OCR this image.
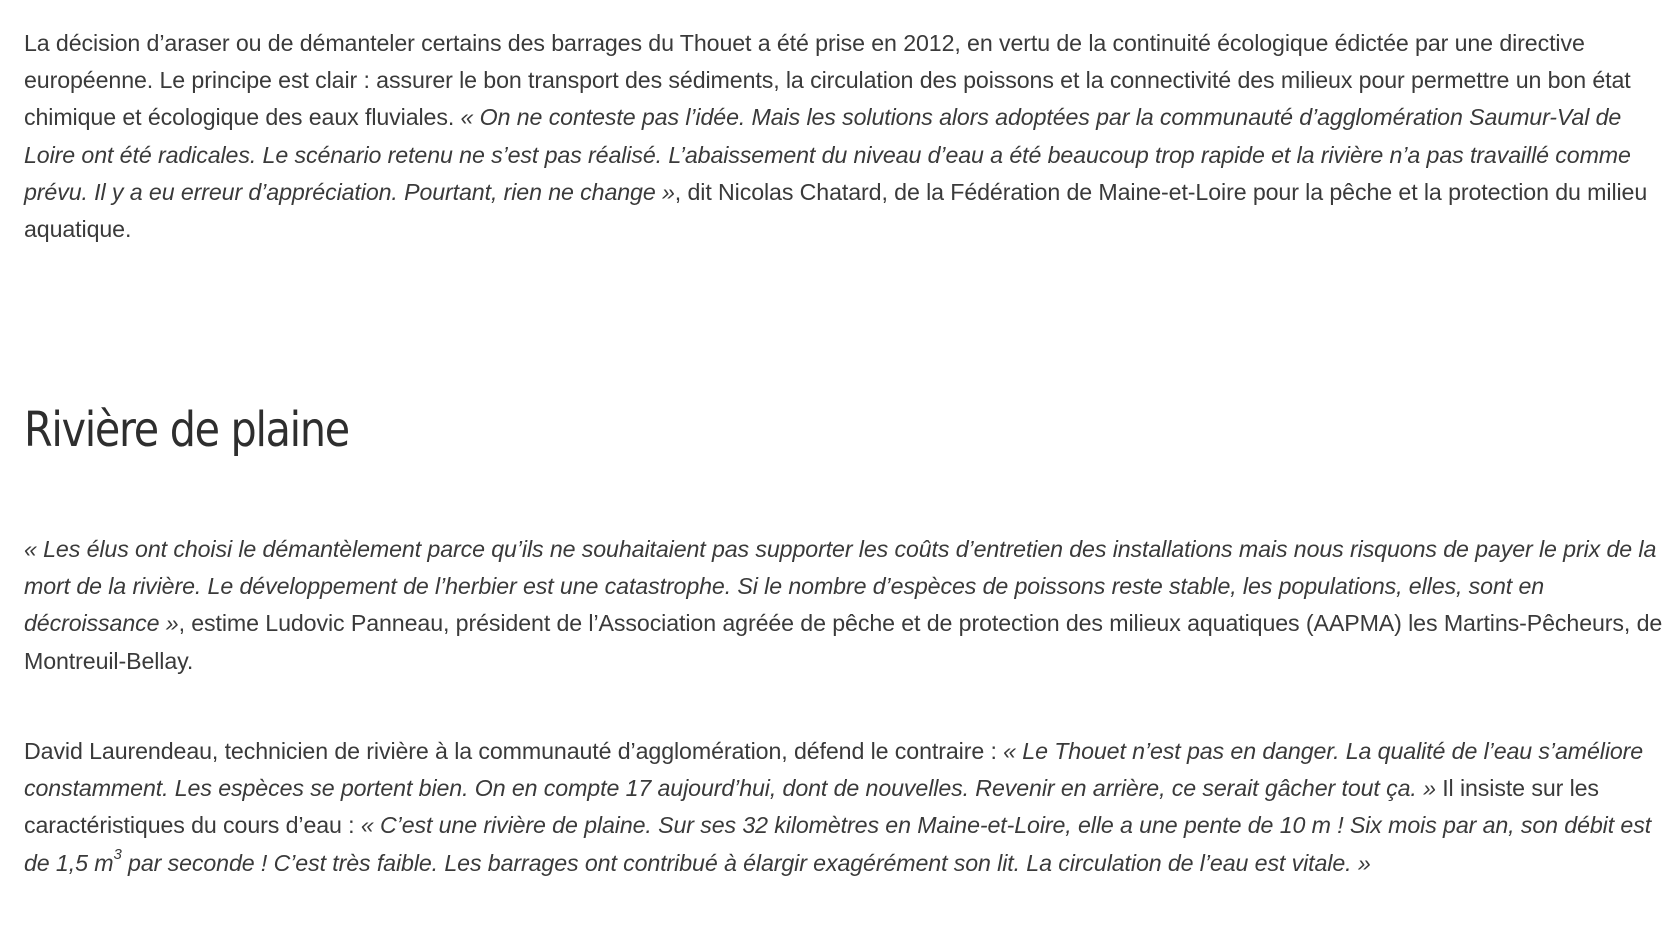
La décision d’araser ou de démanteler certains des barrages du Thouet a été prise en 2012, en vertu de la continuité écologique édictée par une directive européenne. Le principe est clair : assurer le bon transport des sédiments, la circulation des poissons et la connectivité des milieux pour permettre un bon état chimique et écologique des eaux fluviales. « On ne conteste pas l’idée. Mais les solutions alors adoptées par la communauté d’agglomération Saumur-Val de Loire ont été radicales. Le scénario retenu ne s’est pas réalisé. L’abaissement du niveau d’eau a été beaucoup trop rapide et la rivière n’a pas travaillé comme prévu. Il y a eu erreur d’appréciation. Pourtant, rien ne change », dit Nicolas Chatard, de la Fédération de Maine-et-Loire pour la pêche et la protection du milieu aquatique.

Rivière de plaine

« Les élus ont choisi le démantèlement parce qu’ils ne souhaitaient pas supporter les coûts d’entretien des installations mais nous risquons de payer le prix de la mort de la rivière. Le développement de l’herbier est une catastrophe. Si le nombre d’espèces de poissons reste stable, les populations, elles, sont en décroissance », estime Ludovic Panneau, président de l’Association agréée de pêche et de protection des milieux aquatiques (AAPMA) les Martins-Pêcheurs, de Montreuil-Bellay.

David Laurendeau, technicien de rivière à la communauté d’agglomération, défend le contraire : « Le Thouet n’est pas en danger. La qualité de l’eau s’améliore constamment. Les espèces se portent bien. On en compte 17 aujourd’hui, dont de nouvelles. Revenir en arrière, ce serait gâcher tout ça. » Il insiste sur les caractéristiques du cours d’eau : « C’est une rivière de plaine. Sur ses 32 kilomètres en Maine-et-Loire, elle a une pente de 10 m ! Six mois par an, son débit est de 1,5 $m^3$ par seconde ! C’est très faible. Les barrages ont contribué à élargir exagérément son lit. La circulation de l’eau est vitale. »
